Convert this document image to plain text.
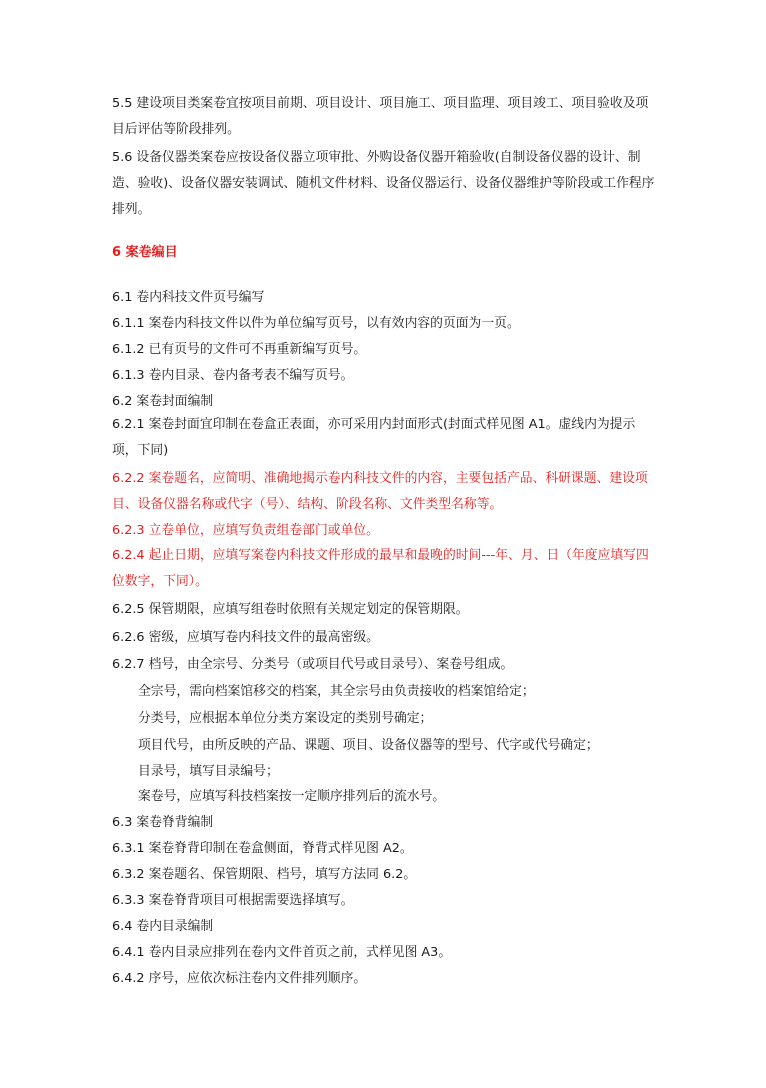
5.5 建设项目类案卷宜按项目前期、项目设计、项目施工、项目监理、项目竣工、项目验收及项目后评估等阶段排列。
5.6 设备仪器类案卷应按设备仪器立项审批、外购设备仪器开箱验收(自制设备仪器的设计、制造、验收)、设备仪器安装调试、随机文件材料、设备仪器运行、设备仪器维护等阶段或工作程序排列。
6 案卷编目
6.1 卷内科技文件页号编写
6.1.1 案卷内科技文件以件为单位编写页号，以有效内容的页面为一页。
6.1.2 已有页号的文件可不再重新编写页号。
6.1.3 卷内目录、卷内备考表不编写页号。
6.2 案卷封面编制
6.2.1 案卷封面宜印制在卷盒正表面，亦可采用内封面形式(封面式样见图 A1。虚线内为提示项，下同)
6.2.2 案卷题名，应简明、准确地揭示卷内科技文件的内容，主要包括产品、科研课题、建设项目、设备仪器名称或代字（号）、结构、阶段名称、文件类型名称等。
6.2.3 立卷单位，应填写负责组卷部门或单位。
6.2.4 起止日期，应填写案卷内科技文件形成的最早和最晚的时间---年、月、日（年度应填写四位数字，下同）。
6.2.5 保管期限，应填写组卷时依照有关规定划定的保管期限。
6.2.6 密级，应填写卷内科技文件的最高密级。
6.2.7 档号，由全宗号、分类号（或项目代号或目录号）、案卷号组成。
全宗号，需向档案馆移交的档案，其全宗号由负责接收的档案馆给定；
分类号，应根据本单位分类方案设定的类别号确定；
项目代号，由所反映的产品、课题、项目、设备仪器等的型号、代字或代号确定；
目录号，填写目录编号；
案卷号，应填写科技档案按一定顺序排列后的流水号。
6.3 案卷脊背编制
6.3.1 案卷脊背印制在卷盒侧面，脊背式样见图 A2。
6.3.2 案卷题名、保管期限、档号，填写方法同 6.2。
6.3.3 案卷脊背项目可根据需要选择填写。
6.4 卷内目录编制
6.4.1 卷内目录应排列在卷内文件首页之前，式样见图 A3。
6.4.2 序号，应依次标注卷内文件排列顺序。
